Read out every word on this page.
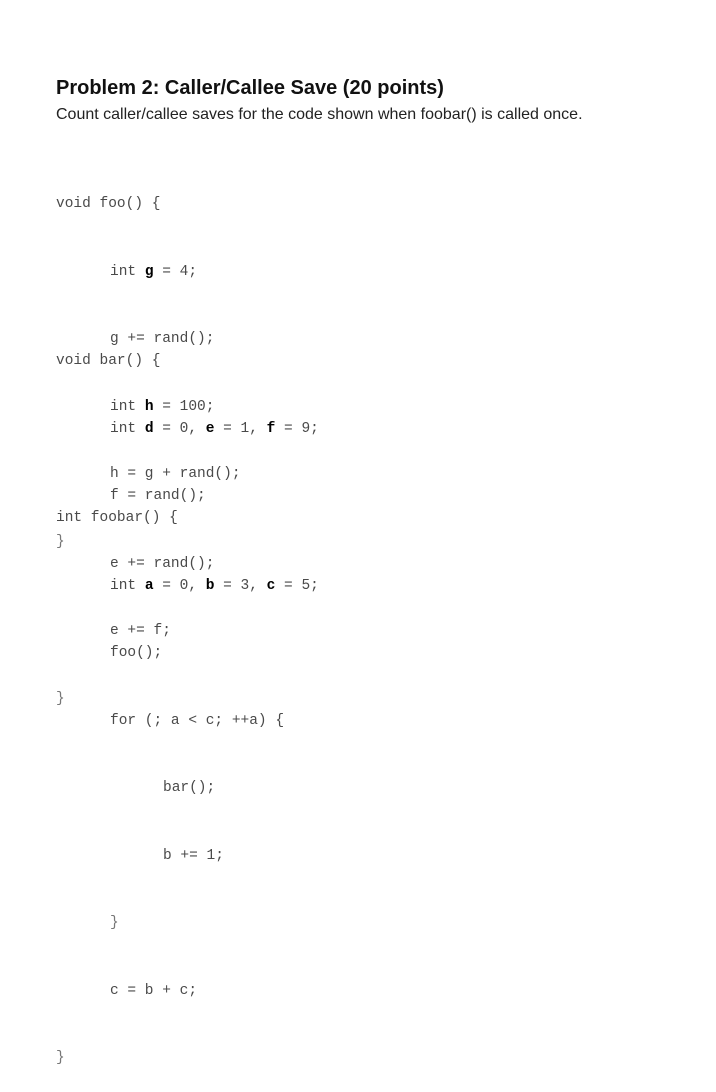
Problem 2: Caller/Callee Save (20 points)
Count caller/callee saves for the code shown when foobar() is called once.

void foo() {

int g = 4;

g += rand();

int h = 100;

h = g + rand();

}

void bar() {

int d = 0, e = 1, f = 9;

f = rand();

e += rand();

e += f;

}

int foobar() {

int a = 0, b = 3, c = 5;

foo();

for (; a < c; ++a) {

bar();

b += 1;

}

c = b + c;

}
